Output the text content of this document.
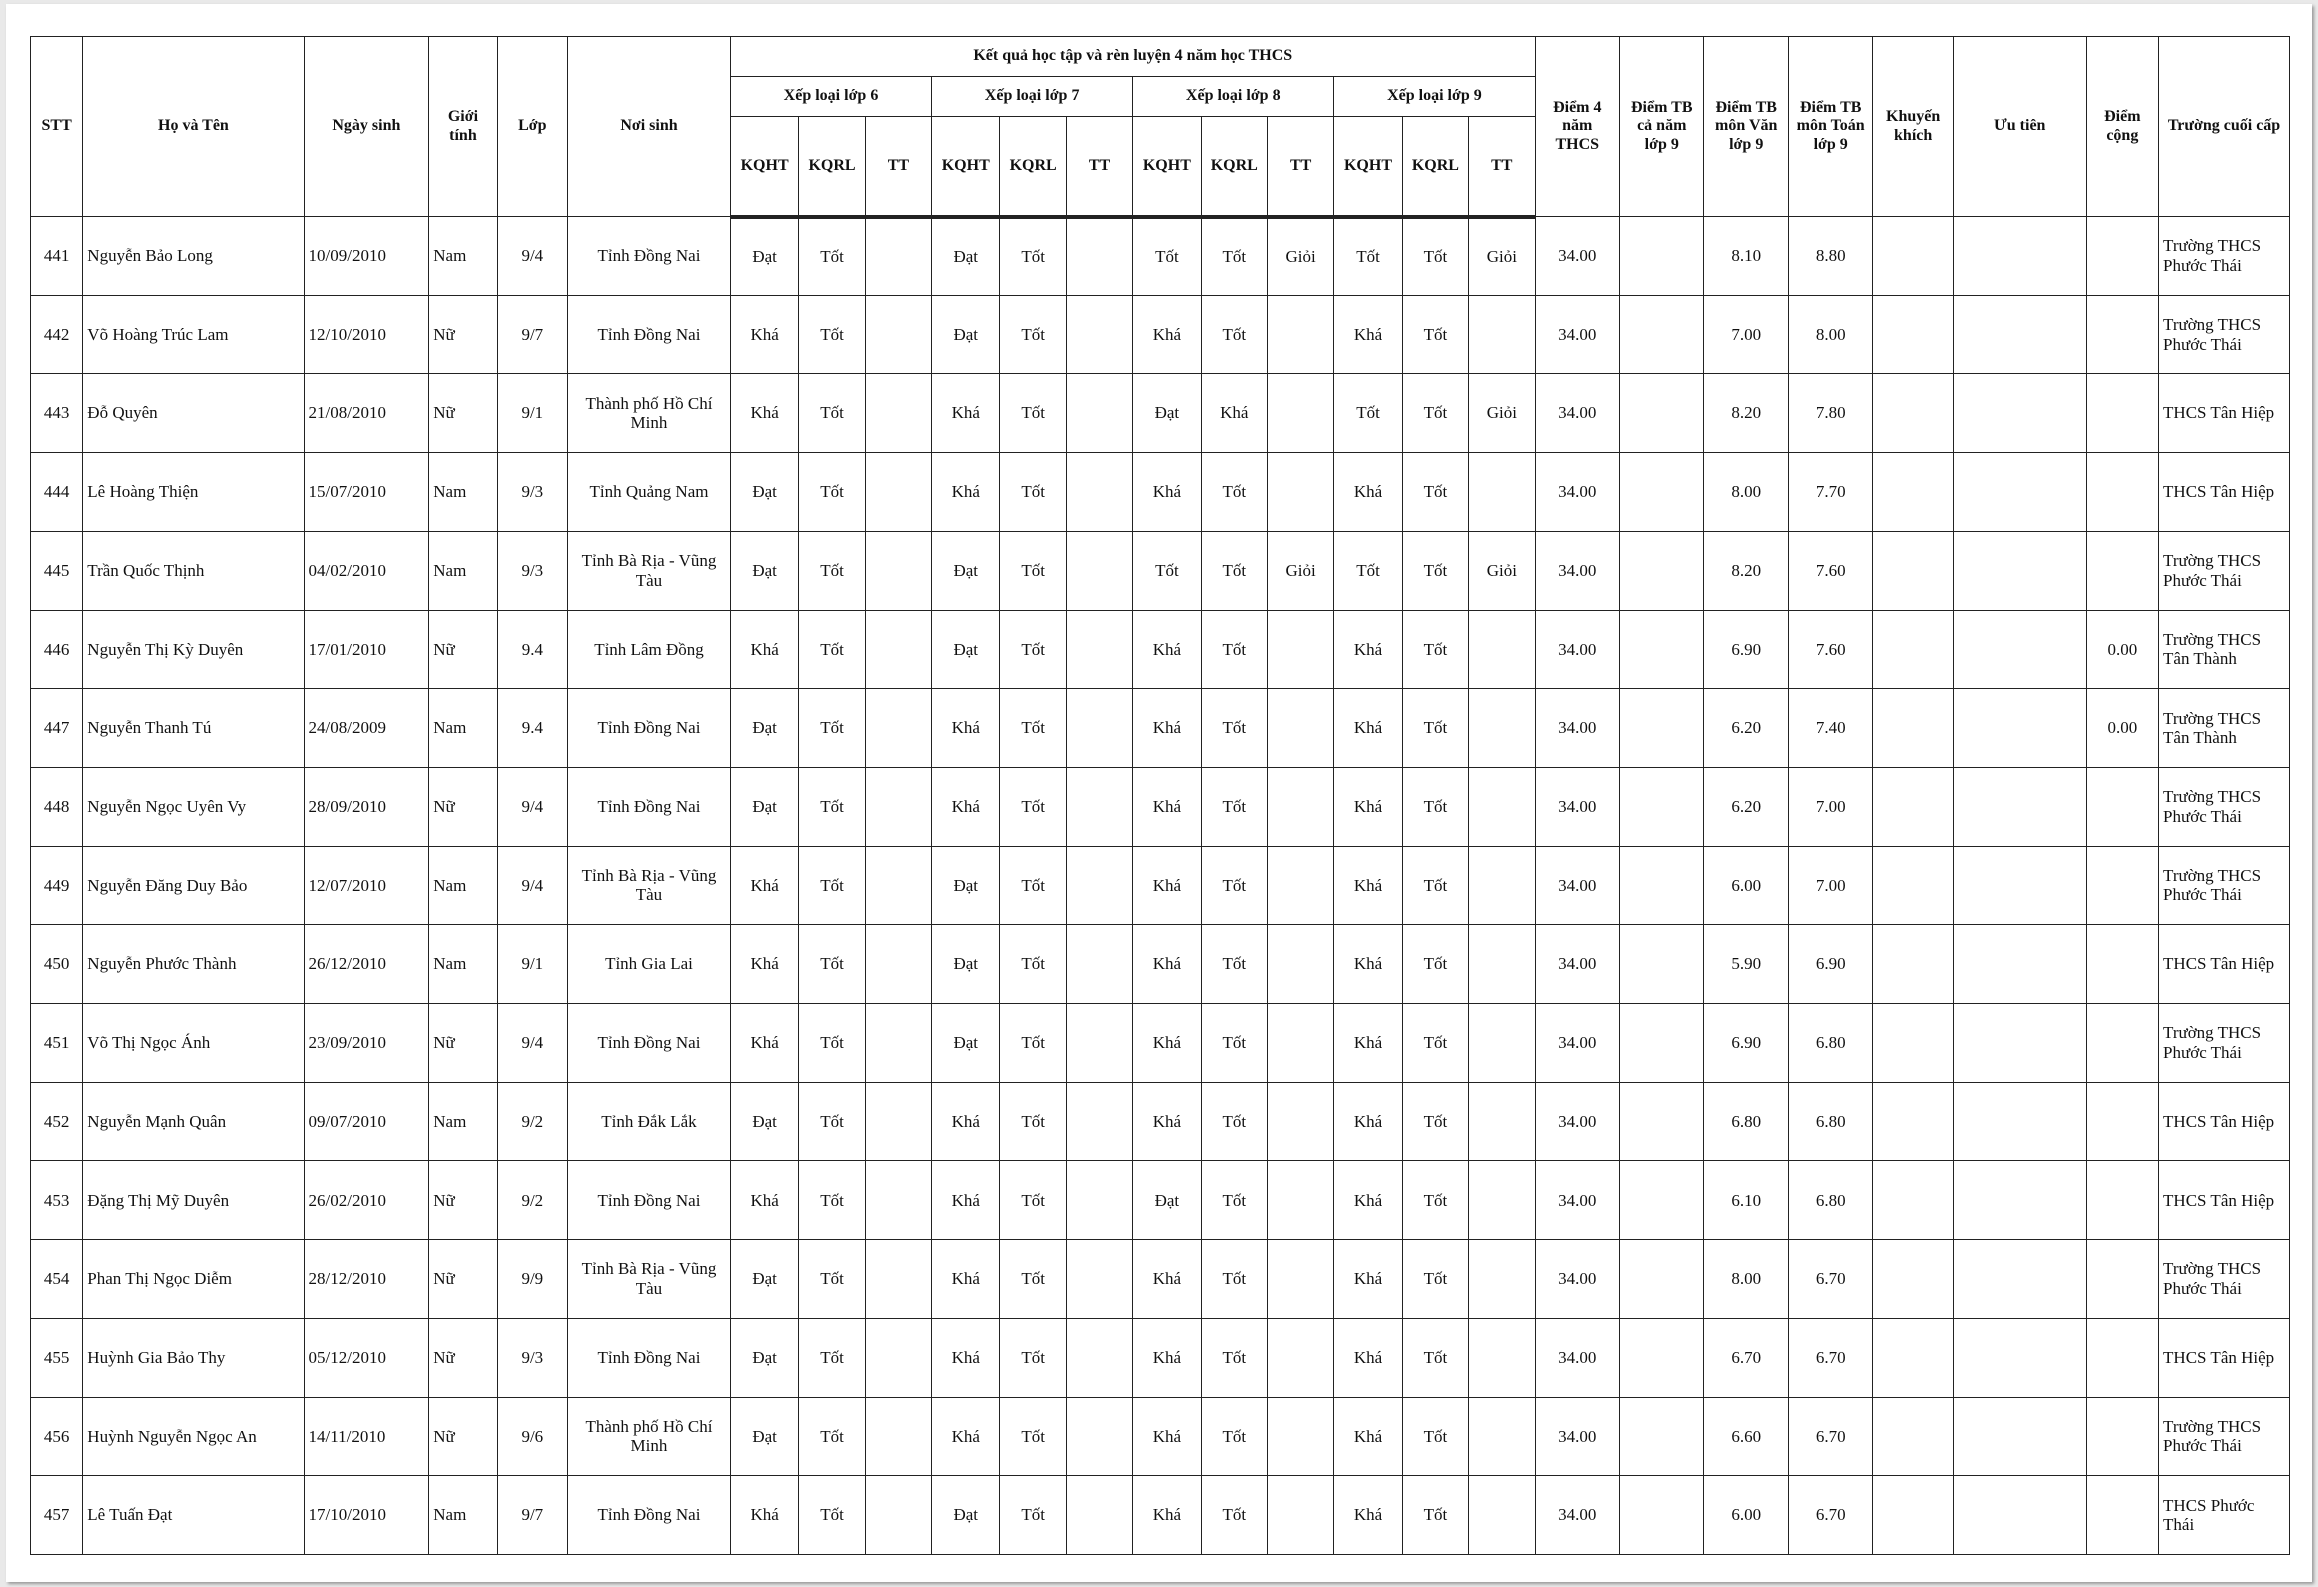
STT	Họ và Tên	Ngày sinh	Giới tính	Lớp	Nơi sinh	Kết quả học tập và rèn luyện 4 năm học THCS												Điểm 4 năm THCS	Điểm TB cả năm lớp 9	Điểm TB môn Văn lớp 9	Điểm TB môn Toán lớp 9	Khuyến khích	Ưu tiên	Điểm cộng	Trường cuối cấp
						Xếp loại lớp 6			Xếp loại lớp 7			Xếp loại lớp 8			Xếp loại lớp 9										
						KQHT	KQRL	TT	KQHT	KQRL	TT	KQHT	KQRL	TT	KQHT	KQRL	TT								
441	Nguyễn Bảo Long	10/09/2010	Nam	9/4	Tỉnh Đồng Nai	Đạt	Tốt		Đạt	Tốt		Tốt	Tốt	Giỏi	Tốt	Tốt	Giỏi	34.00		8.10	8.80				Trường THCS Phước Thái
442	Võ Hoàng Trúc Lam	12/10/2010	Nữ	9/7	Tỉnh Đồng Nai	Khá	Tốt		Đạt	Tốt		Khá	Tốt		Khá	Tốt		34.00		7.00	8.00				Trường THCS Phước Thái
443	Đỗ Quyên	21/08/2010	Nữ	9/1	Thành phố Hồ Chí Minh	Khá	Tốt		Khá	Tốt		Đạt	Khá		Tốt	Tốt	Giỏi	34.00		8.20	7.80				THCS Tân Hiệp
444	Lê Hoàng Thiện	15/07/2010	Nam	9/3	Tỉnh Quảng Nam	Đạt	Tốt		Khá	Tốt		Khá	Tốt		Khá	Tốt		34.00		8.00	7.70				THCS Tân Hiệp
445	Trần Quốc Thịnh	04/02/2010	Nam	9/3	Tỉnh Bà Rịa - Vũng Tàu	Đạt	Tốt		Đạt	Tốt		Tốt	Tốt	Giỏi	Tốt	Tốt	Giỏi	34.00		8.20	7.60				Trường THCS Phước Thái
446	Nguyễn Thị Kỳ Duyên	17/01/2010	Nữ	9.4	Tỉnh Lâm Đồng	Khá	Tốt		Đạt	Tốt		Khá	Tốt		Khá	Tốt		34.00		6.90	7.60			0.00	Trường THCS Tân Thành
447	Nguyễn Thanh Tú	24/08/2009	Nam	9.4	Tỉnh Đồng Nai	Đạt	Tốt		Khá	Tốt		Khá	Tốt		Khá	Tốt		34.00		6.20	7.40			0.00	Trường THCS Tân Thành
448	Nguyễn Ngọc Uyên Vy	28/09/2010	Nữ	9/4	Tỉnh Đồng Nai	Đạt	Tốt		Khá	Tốt		Khá	Tốt		Khá	Tốt		34.00		6.20	7.00				Trường THCS Phước Thái
449	Nguyễn Đăng Duy Bảo	12/07/2010	Nam	9/4	Tỉnh Bà Rịa - Vũng Tàu	Khá	Tốt		Đạt	Tốt		Khá	Tốt		Khá	Tốt		34.00		6.00	7.00				Trường THCS Phước Thái
450	Nguyễn Phước Thành	26/12/2010	Nam	9/1	Tỉnh Gia Lai	Khá	Tốt		Đạt	Tốt		Khá	Tốt		Khá	Tốt		34.00		5.90	6.90				THCS Tân Hiệp
451	Võ Thị Ngọc Ánh	23/09/2010	Nữ	9/4	Tỉnh Đồng Nai	Khá	Tốt		Đạt	Tốt		Khá	Tốt		Khá	Tốt		34.00		6.90	6.80				Trường THCS Phước Thái
452	Nguyễn Mạnh Quân	09/07/2010	Nam	9/2	Tỉnh Đắk Lắk	Đạt	Tốt		Khá	Tốt		Khá	Tốt		Khá	Tốt		34.00		6.80	6.80				THCS Tân Hiệp
453	Đặng Thị Mỹ Duyên	26/02/2010	Nữ	9/2	Tỉnh Đồng Nai	Khá	Tốt		Khá	Tốt		Đạt	Tốt		Khá	Tốt		34.00		6.10	6.80				THCS Tân Hiệp
454	Phan Thị Ngọc Diễm	28/12/2010	Nữ	9/9	Tỉnh Bà Rịa - Vũng Tàu	Đạt	Tốt		Khá	Tốt		Khá	Tốt		Khá	Tốt		34.00		8.00	6.70				Trường THCS Phước Thái
455	Huỳnh Gia Bảo Thy	05/12/2010	Nữ	9/3	Tỉnh Đồng Nai	Đạt	Tốt		Khá	Tốt		Khá	Tốt		Khá	Tốt		34.00		6.70	6.70				THCS Tân Hiệp
456	Huỳnh Nguyễn Ngọc An	14/11/2010	Nữ	9/6	Thành phố Hồ Chí Minh	Đạt	Tốt		Khá	Tốt		Khá	Tốt		Khá	Tốt		34.00		6.60	6.70				Trường THCS Phước Thái
457	Lê Tuấn Đạt	17/10/2010	Nam	9/7	Tỉnh Đồng Nai	Khá	Tốt		Đạt	Tốt		Khá	Tốt		Khá	Tốt		34.00		6.00	6.70				THCS Phước Thái
